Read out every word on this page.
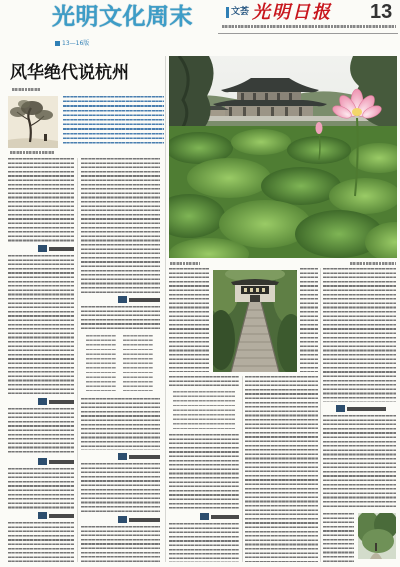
光明文化周末
13—16版
文荟 光明日报 13
风华绝代说杭州
